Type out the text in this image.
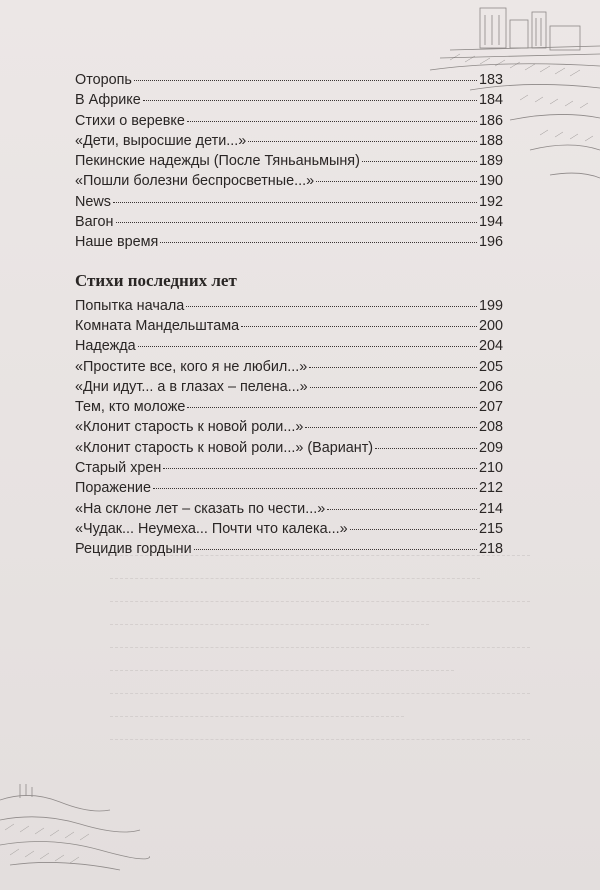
Оторопь	183
В Африке	184
Стихи о веревке	186
«Дети, выросшие дети...»	188
Пекинские надежды (После Тяньаньмыня)	189
«Пошли болезни беспросветные...»	190
News	192
Вагон	194
Наше время	196
Стихи последних лет
Попытка начала	199
Комната Мандельштама	200
Надежда	204
«Простите все, кого я не любил...»	205
«Дни идут... а в глазах – пелена...»	206
Тем, кто моложе	207
«Клонит старость к новой роли...»	208
«Клонит старость к новой роли...» (Вариант)	209
Старый хрен	210
Поражение	212
«На склоне лет – сказать по чести...»	214
«Чудак... Неумеха... Почти что калека...»	215
Рецидив гордыни	218
